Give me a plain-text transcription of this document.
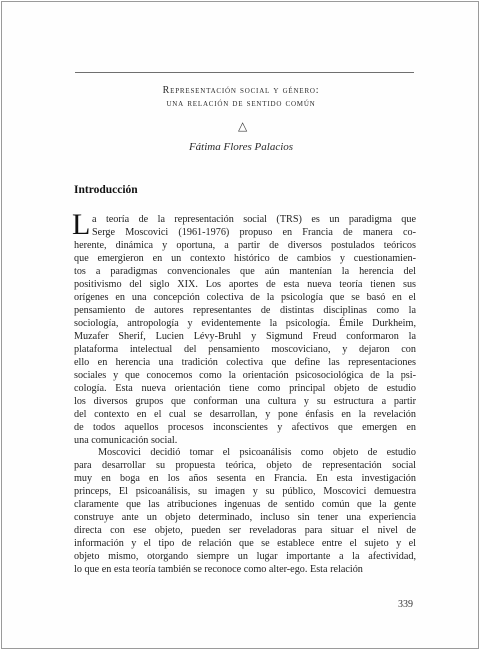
Representación social y género:
una relación de sentido común
△
Fátima Flores Palacios
Introducción
L a teoría de la representación social (TRS) es un paradigma que
Serge Moscovici (1961-1976) propuso en Francia de manera co-
herente, dinámica y oportuna, a partir de diversos postulados teóricos
que emergieron en un contexto histórico de cambios y cuestionamien-
tos a paradigmas convencionales que aún mantenían la herencia del
positivismo del siglo XIX. Los aportes de esta nueva teoría tienen sus
orígenes en una concepción colectiva de la psicología que se basó en el
pensamiento de autores representantes de distintas disciplinas como la
sociología, antropología y evidentemente la psicología. Émile Durkheim,
Muzafer Sherif, Lucien Lévy-Bruhl y Sigmund Freud conformaron la
plataforma intelectual del pensamiento moscoviciano, y dejaron con
ello en herencia una tradición colectiva que define las representaciones
sociales y que conocemos como la orientación psicosociológica de la psi-
cología. Esta nueva orientación tiene como principal objeto de estudio
los diversos grupos que conforman una cultura y su estructura a partir
del contexto en el cual se desarrollan, y pone énfasis en la revelación
de todos aquellos procesos inconscientes y afectivos que emergen en
una comunicación social.
Moscovici decidió tomar el psicoanálisis como objeto de estudio
para desarrollar su propuesta teórica, objeto de representación social
muy en boga en los años sesenta en Francia. En esta investigación
princeps, El psicoanálisis, su imagen y su público, Moscovici demuestra
claramente que las atribuciones ingenuas de sentido común que la gente
construye ante un objeto determinado, incluso sin tener una experiencia
directa con ese objeto, pueden ser reveladoras para situar el nivel de
información y el tipo de relación que se establece entre el sujeto y el
objeto mismo, otorgando siempre un lugar importante a la afectividad,
lo que en esta teoría también se reconoce como alter-ego. Esta relación
339
